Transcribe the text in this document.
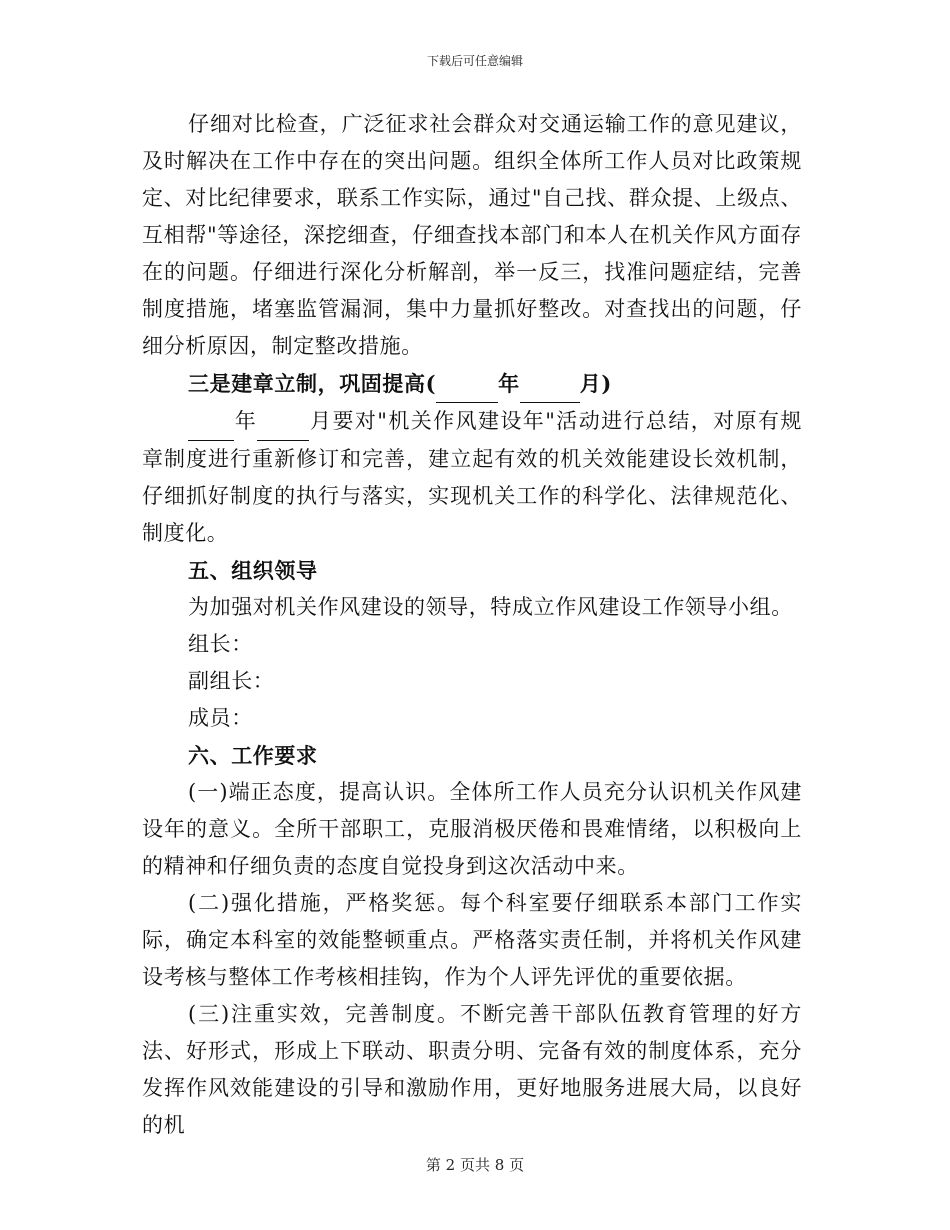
下载后可任意编辑

仔细对比检查，广泛征求社会群众对交通运输工作的意见建议，及时解决在工作中存在的突出问题。组织全体所工作人员对比政策规定、对比纪律要求，联系工作实际，通过"自己找、群众提、上级点、互相帮"等途径，深挖细查，仔细查找本部门和本人在机关作风方面存在的问题。仔细进行深化分析解剖，举一反三，找准问题症结，完善制度措施，堵塞监管漏洞，集中力量抓好整改。对查找出的问题，仔细分析原因，制定整改措施。

三是建章立制，巩固提高(	年	月)

年 月要对"机关作风建设年"活动进行总结，对原有规章制度进行重新修订和完善，建立起有效的机关效能建设长效机制，仔细抓好制度的执行与落实，实现机关工作的科学化、法律规范化、制度化。

五、组织领导

为加强对机关作风建设的领导，特成立作风建设工作领导小组。

组长：

副组长：

成员：

六、工作要求

(一)端正态度，提高认识。全体所工作人员充分认识机关作风建设年的意义。全所干部职工，克服消极厌倦和畏难情绪，以积极向上的精神和仔细负责的态度自觉投身到这次活动中来。

(二)强化措施，严格奖惩。每个科室要仔细联系本部门工作实际，确定本科室的效能整顿重点。严格落实责任制，并将机关作风建设考核与整体工作考核相挂钩，作为个人评先评优的重要依据。

(三)注重实效，完善制度。不断完善干部队伍教育管理的好方法、好形式，形成上下联动、职责分明、完备有效的制度体系，充分发挥作风效能建设的引导和激励作用，更好地服务进展大局，以良好的机

第 2 页共 8 页
